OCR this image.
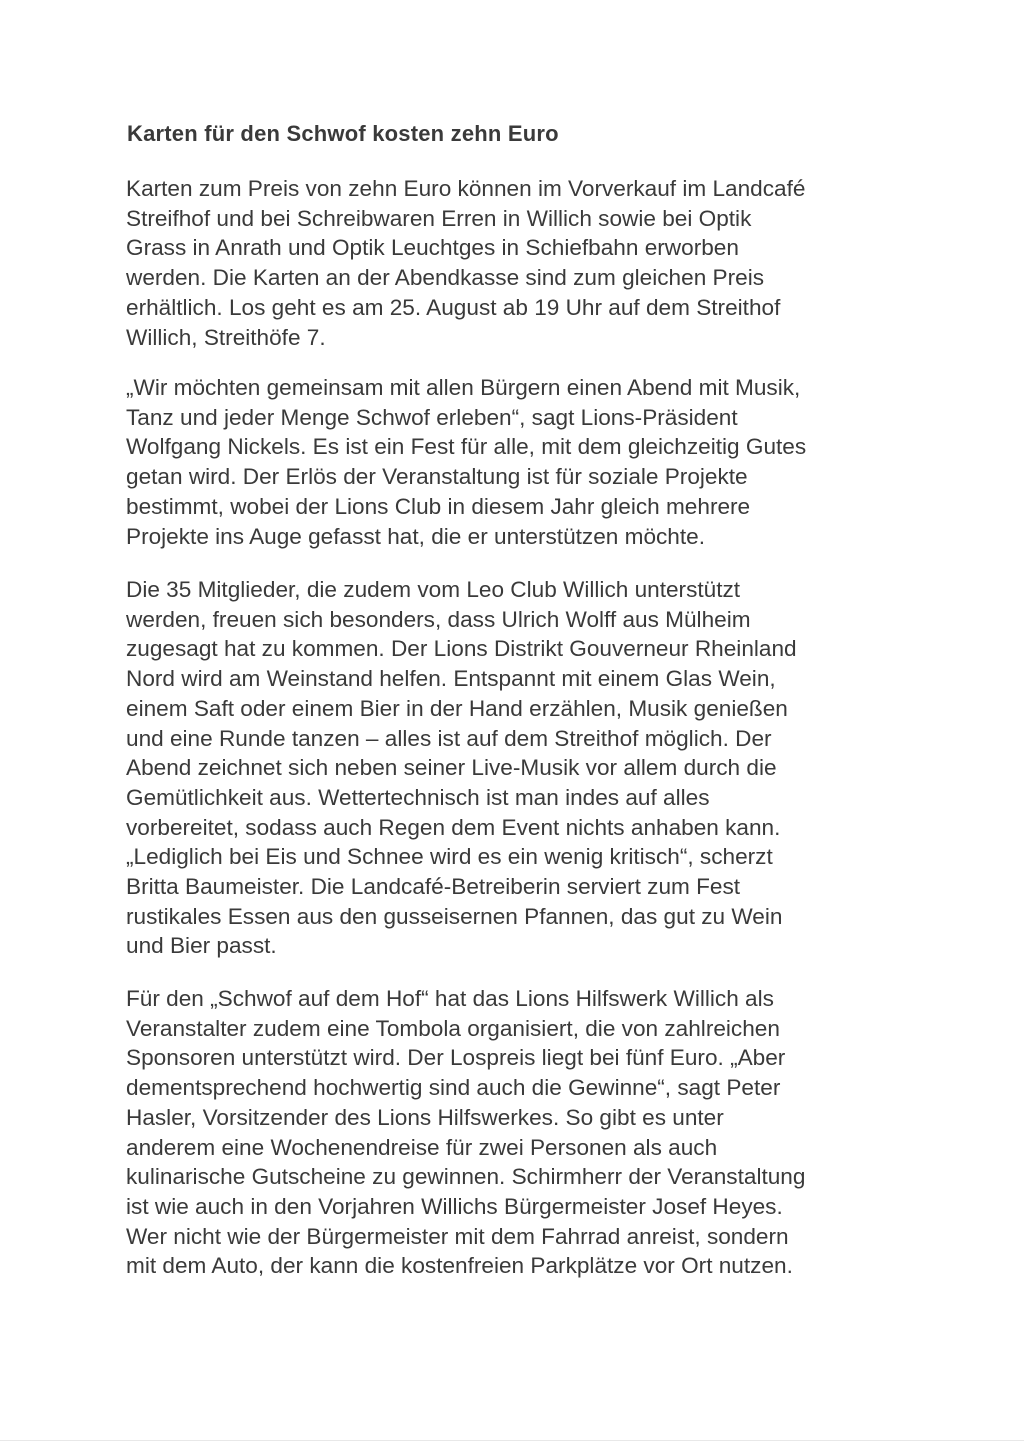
Karten für den Schwof kosten zehn Euro

Karten zum Preis von zehn Euro können im Vorverkauf im Landcafé
Streifhof und bei Schreibwaren Erren in Willich sowie bei Optik
Grass in Anrath und Optik Leuchtges in Schiefbahn erworben
werden. Die Karten an der Abendkasse sind zum gleichen Preis
erhältlich. Los geht es am 25. August ab 19 Uhr auf dem Streithof
Willich, Streithöfe 7.

„Wir möchten gemeinsam mit allen Bürgern einen Abend mit Musik,
Tanz und jeder Menge Schwof erleben“, sagt Lions-Präsident
Wolfgang Nickels. Es ist ein Fest für alle, mit dem gleichzeitig Gutes
getan wird. Der Erlös der Veranstaltung ist für soziale Projekte
bestimmt, wobei der Lions Club in diesem Jahr gleich mehrere
Projekte ins Auge gefasst hat, die er unterstützen möchte.

Die 35 Mitglieder, die zudem vom Leo Club Willich unterstützt
werden, freuen sich besonders, dass Ulrich Wolff aus Mülheim
zugesagt hat zu kommen. Der Lions Distrikt Gouverneur Rheinland
Nord wird am Weinstand helfen. Entspannt mit einem Glas Wein,
einem Saft oder einem Bier in der Hand erzählen, Musik genießen
und eine Runde tanzen – alles ist auf dem Streithof möglich. Der
Abend zeichnet sich neben seiner Live-Musik vor allem durch die
Gemütlichkeit aus. Wettertechnisch ist man indes auf alles
vorbereitet, sodass auch Regen dem Event nichts anhaben kann.
„Lediglich bei Eis und Schnee wird es ein wenig kritisch“, scherzt
Britta Baumeister. Die Landcafé-Betreiberin serviert zum Fest
rustikales Essen aus den gusseisernen Pfannen, das gut zu Wein
und Bier passt.

Für den „Schwof auf dem Hof“ hat das Lions Hilfswerk Willich als
Veranstalter zudem eine Tombola organisiert, die von zahlreichen
Sponsoren unterstützt wird. Der Lospreis liegt bei fünf Euro. „Aber
dementsprechend hochwertig sind auch die Gewinne“, sagt Peter
Hasler, Vorsitzender des Lions Hilfswerkes. So gibt es unter
anderem eine Wochenendreise für zwei Personen als auch
kulinarische Gutscheine zu gewinnen. Schirmherr der Veranstaltung
ist wie auch in den Vorjahren Willichs Bürgermeister Josef Heyes.
Wer nicht wie der Bürgermeister mit dem Fahrrad anreist, sondern
mit dem Auto, der kann die kostenfreien Parkplätze vor Ort nutzen.
